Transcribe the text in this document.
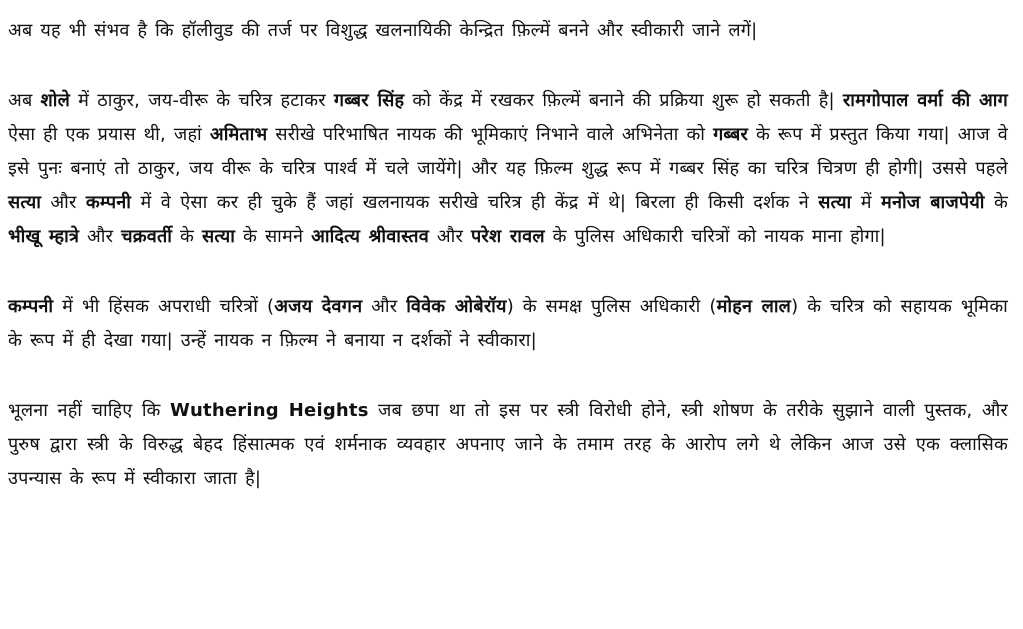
अब यह भी संभव है कि हॉलीवुड की तर्ज पर विशुद्ध खलनायिकी केन्द्रित फ़िल्में बनने और स्वीकारी जाने लगें|

अब शोले में ठाकुर, जय-वीरू के चरित्र हटाकर गब्बर सिंह को केंद्र में रखकर फ़िल्में बनाने की प्रक्रिया शुरू हो सकती है| रामगोपाल वर्मा की आग ऐसा ही एक प्रयास थी, जहां अमिताभ सरीखे परिभाषित नायक की भूमिकाएं निभाने वाले अभिनेता को गब्बर के रूप में प्रस्तुत किया गया| आज वे इसे पुनः बनाएं तो ठाकुर, जय वीरू के चरित्र पार्श्व में चले जायेंगे| और यह फ़िल्म शुद्ध रूप में गब्बर सिंह का चरित्र चित्रण ही होगी| उससे पहले सत्या और कम्पनी में वे ऐसा कर ही चुके हैं जहां खलनायक सरीखे चरित्र ही केंद्र में थे| बिरला ही किसी दर्शक ने सत्या में मनोज बाजपेयी के भीखू म्हात्रे और चक्रवर्ती के सत्या के सामने आदित्य श्रीवास्तव और परेश रावल के पुलिस अधिकारी चरित्रों को नायक माना होगा|

कम्पनी में भी हिंसक अपराधी चरित्रों (अजय देवगन और विवेक ओबेरॉय) के समक्ष पुलिस अधिकारी (मोहन लाल) के चरित्र को सहायक भूमिका के रूप में ही देखा गया| उन्हें नायक न फ़िल्म ने बनाया न दर्शकों ने स्वीकारा|

भूलना नहीं चाहिए कि Wuthering Heights जब छपा था तो इस पर स्त्री विरोधी होने, स्त्री शोषण के तरीके सुझाने वाली पुस्तक, और पुरुष द्वारा स्त्री के विरुद्ध बेहद हिंसात्मक एवं शर्मनाक व्यवहार अपनाए जाने के तमाम तरह के आरोप लगे थे लेकिन आज उसे एक क्लासिक उपन्यास के रूप में स्वीकारा जाता है|
